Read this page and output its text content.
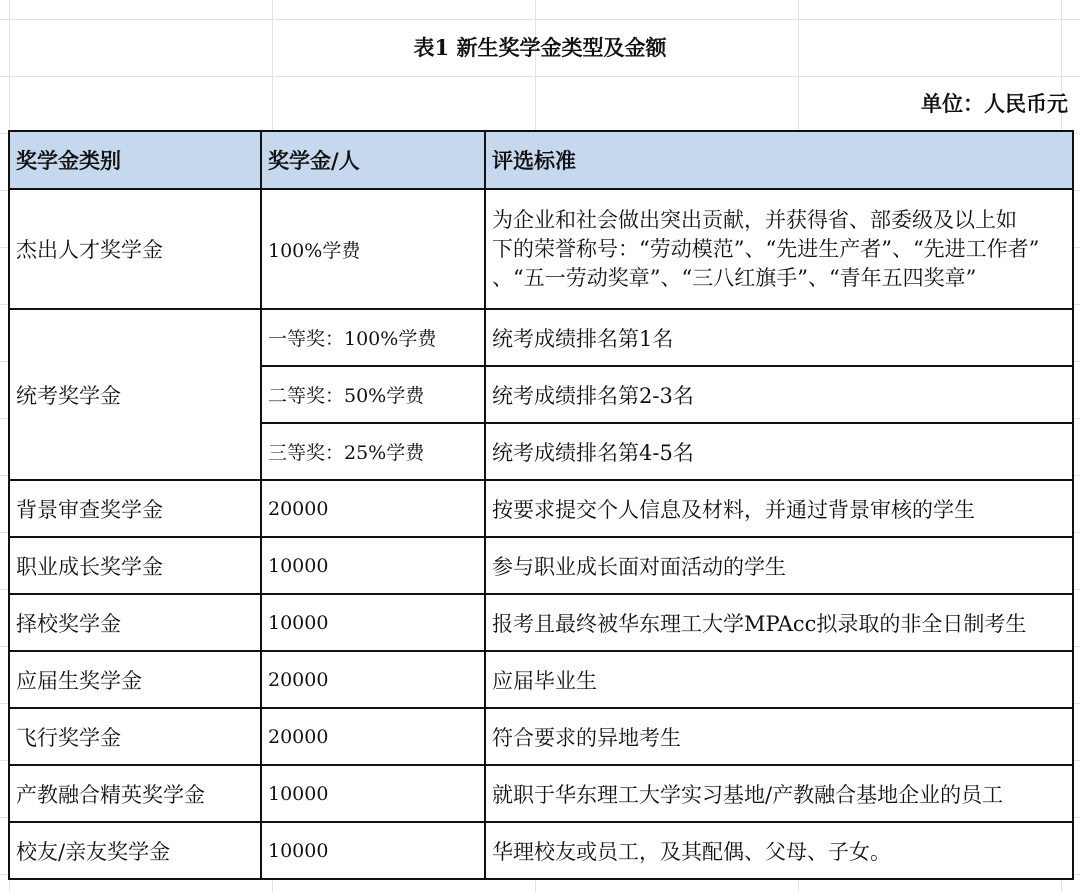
表1 新生奖学金类型及金额
单位：人民币元
奖学金类别	奖学金/人	评选标准
杰出人才奖学金	100%学费	为企业和社会做出突出贡献，并获得省、部委级及以上如
下的荣誉称号：“劳动模范”、“先进生产者”、“先进工作者”
、“五一劳动奖章”、“三八红旗手”、“青年五四奖章”

统考奖学金	一等奖：100%学费	统考成绩排名第1名
	二等奖：50%学费	统考成绩排名第2-3名
	三等奖：25%学费	统考成绩排名第4-5名
背景审查奖学金	20000	按要求提交个人信息及材料，并通过背景审核的学生
职业成长奖学金	10000	参与职业成长面对面活动的学生
择校奖学金	10000	报考且最终被华东理工大学MPAcc拟录取的非全日制考生
应届生奖学金	20000	应届毕业生
飞行奖学金	20000	符合要求的异地考生
产教融合精英奖学金	10000	就职于华东理工大学实习基地/产教融合基地企业的员工
校友/亲友奖学金	10000	华理校友或员工，及其配偶、父母、子女。
